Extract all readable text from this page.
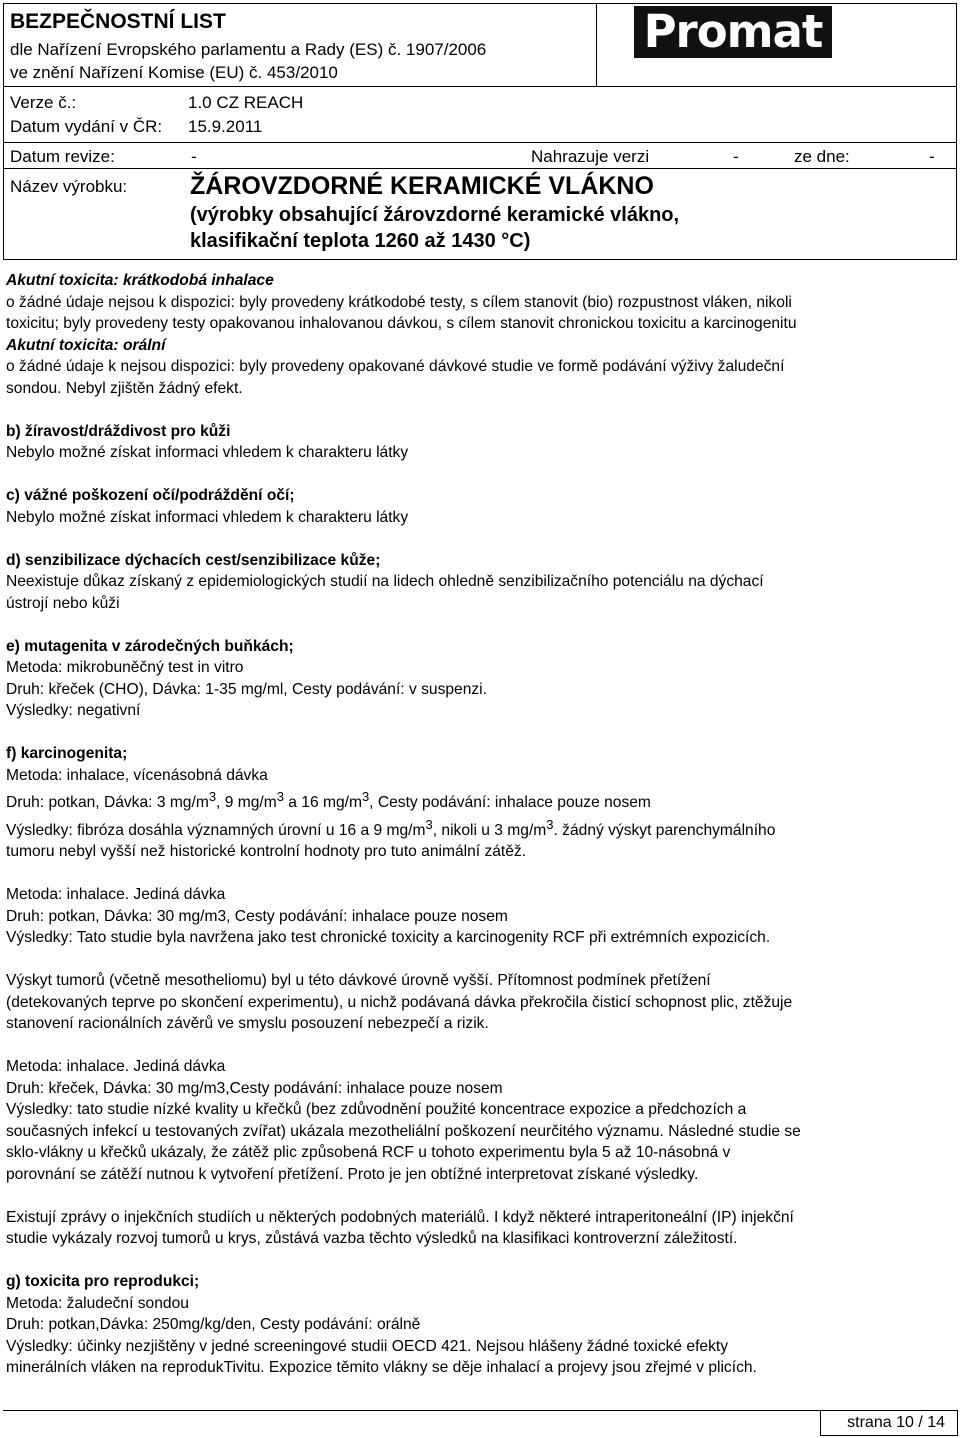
BEZPEČNOSTNÍ LIST
dle Nařízení Evropského parlamentu a Rady (ES) č. 1907/2006
ve znění Nařízení Komise (EU) č. 453/2010
Promat
Verze č.:	1.0 CZ REACH
Datum vydání v ČR: 15.9.2011
Datum revize:	-	Nahrazuje verzi	-	ze dne:	-
Název výrobku:	ŽÁROVZDORNÉ KERAMICKÉ VLÁKNO
(výrobky obsahující žárovzdorné keramické vlákno,
klasifikační teplota 1260 až 1430 °C)
Akutní toxicita: krátkodobá inhalace
o žádné údaje nejsou k dispozici: byly provedeny krátkodobé testy, s cílem stanovit (bio) rozpustnost vláken, nikoli
toxicitu; byly provedeny testy opakovanou inhalovanou dávkou, s cílem stanovit chronickou toxicitu a karcinogenitu
Akutní toxicita: orální
o žádné údaje k nejsou dispozici: byly provedeny opakované dávkové studie ve formě podávání výživy žaludeční
sondou. Nebyl zjištěn žádný efekt.
b) žíravost/dráždivost pro kůži
Nebylo možné získat informaci vhledem k charakteru látky
c) vážné poškození očí/podráždění očí;
Nebylo možné získat informaci vhledem k charakteru látky
d) senzibilizace dýchacích cest/senzibilizace kůže;
Neexistuje důkaz získaný z epidemiologických studií na lidech ohledně senzibilizačního potenciálu na dýchací
ústrojí nebo kůži
e) mutagenita v zárodečných buňkách;
Metoda: mikrobuněčný test in vitro
Druh: křeček (CHO), Dávka: 1-35 mg/ml, Cesty podávání: v suspenzi.
Výsledky: negativní
f) karcinogenita;
Metoda: inhalace, vícenásobná dávka
Druh: potkan, Dávka: 3 $mg/m^3$, 9 $mg/m^3$ a 16 $mg/m^3$, Cesty podávání: inhalace pouze nosem
Výsledky: fibróza dosáhla významných úrovní u 16 a 9 $mg/m^3$, nikoli u 3 $mg/m^3$. žádný výskyt parenchymálního
tumoru nebyl vyšší než historické kontrolní hodnoty pro tuto animální zátěž.
Metoda: inhalace. Jediná dávka
Druh: potkan, Dávka: 30 mg/m3, Cesty podávání: inhalace pouze nosem
Výsledky: Tato studie byla navržena jako test chronické toxicity a karcinogenity RCF při extrémních expozicích.
Výskyt tumorů (včetně mesotheliomu) byl u této dávkové úrovně vyšší. Přítomnost podmínek přetížení
(detekovaných teprve po skončení experimentu), u nichž podávaná dávka překročila čisticí schopnost plic, ztěžuje
stanovení racionálních závěrů ve smyslu posouzení nebezpečí a rizik.
Metoda: inhalace. Jediná dávka
Druh: křeček, Dávka: 30 mg/m3,Cesty podávání: inhalace pouze nosem
Výsledky: tato studie nízké kvality u křečků (bez zdůvodnění použité koncentrace expozice a předchozích a
současných infekcí u testovaných zvířat) ukázala mezotheliální poškození neurčitého významu. Následné studie se
sklo-vlákny u křečků ukázaly, že zátěž plic způsobená RCF u tohoto experimentu byla 5 až 10-násobná v
porovnání se zátěží nutnou k vytvoření přetížení. Proto je jen obtížné interpretovat získané výsledky.
Existují zprávy o injekčních studiích u některých podobných materiálů. I když některé intraperitoneální (IP) injekční
studie vykázaly rozvoj tumorů u krys, zůstává vazba těchto výsledků na klasifikaci kontroverzní záležitostí.
g) toxicita pro reprodukci;
Metoda: žaludeční sondou
Druh: potkan,Dávka: 250mg/kg/den, Cesty podávání: orálně
Výsledky: účinky nezjištěny v jedné screeningové studii OECD 421. Nejsou hlášeny žádné toxické efekty
minerálních vláken na reprodukTivitu. Expozice těmito vlákny se děje inhalací a projevy jsou zřejmé v plicích.
strana 10 / 14
